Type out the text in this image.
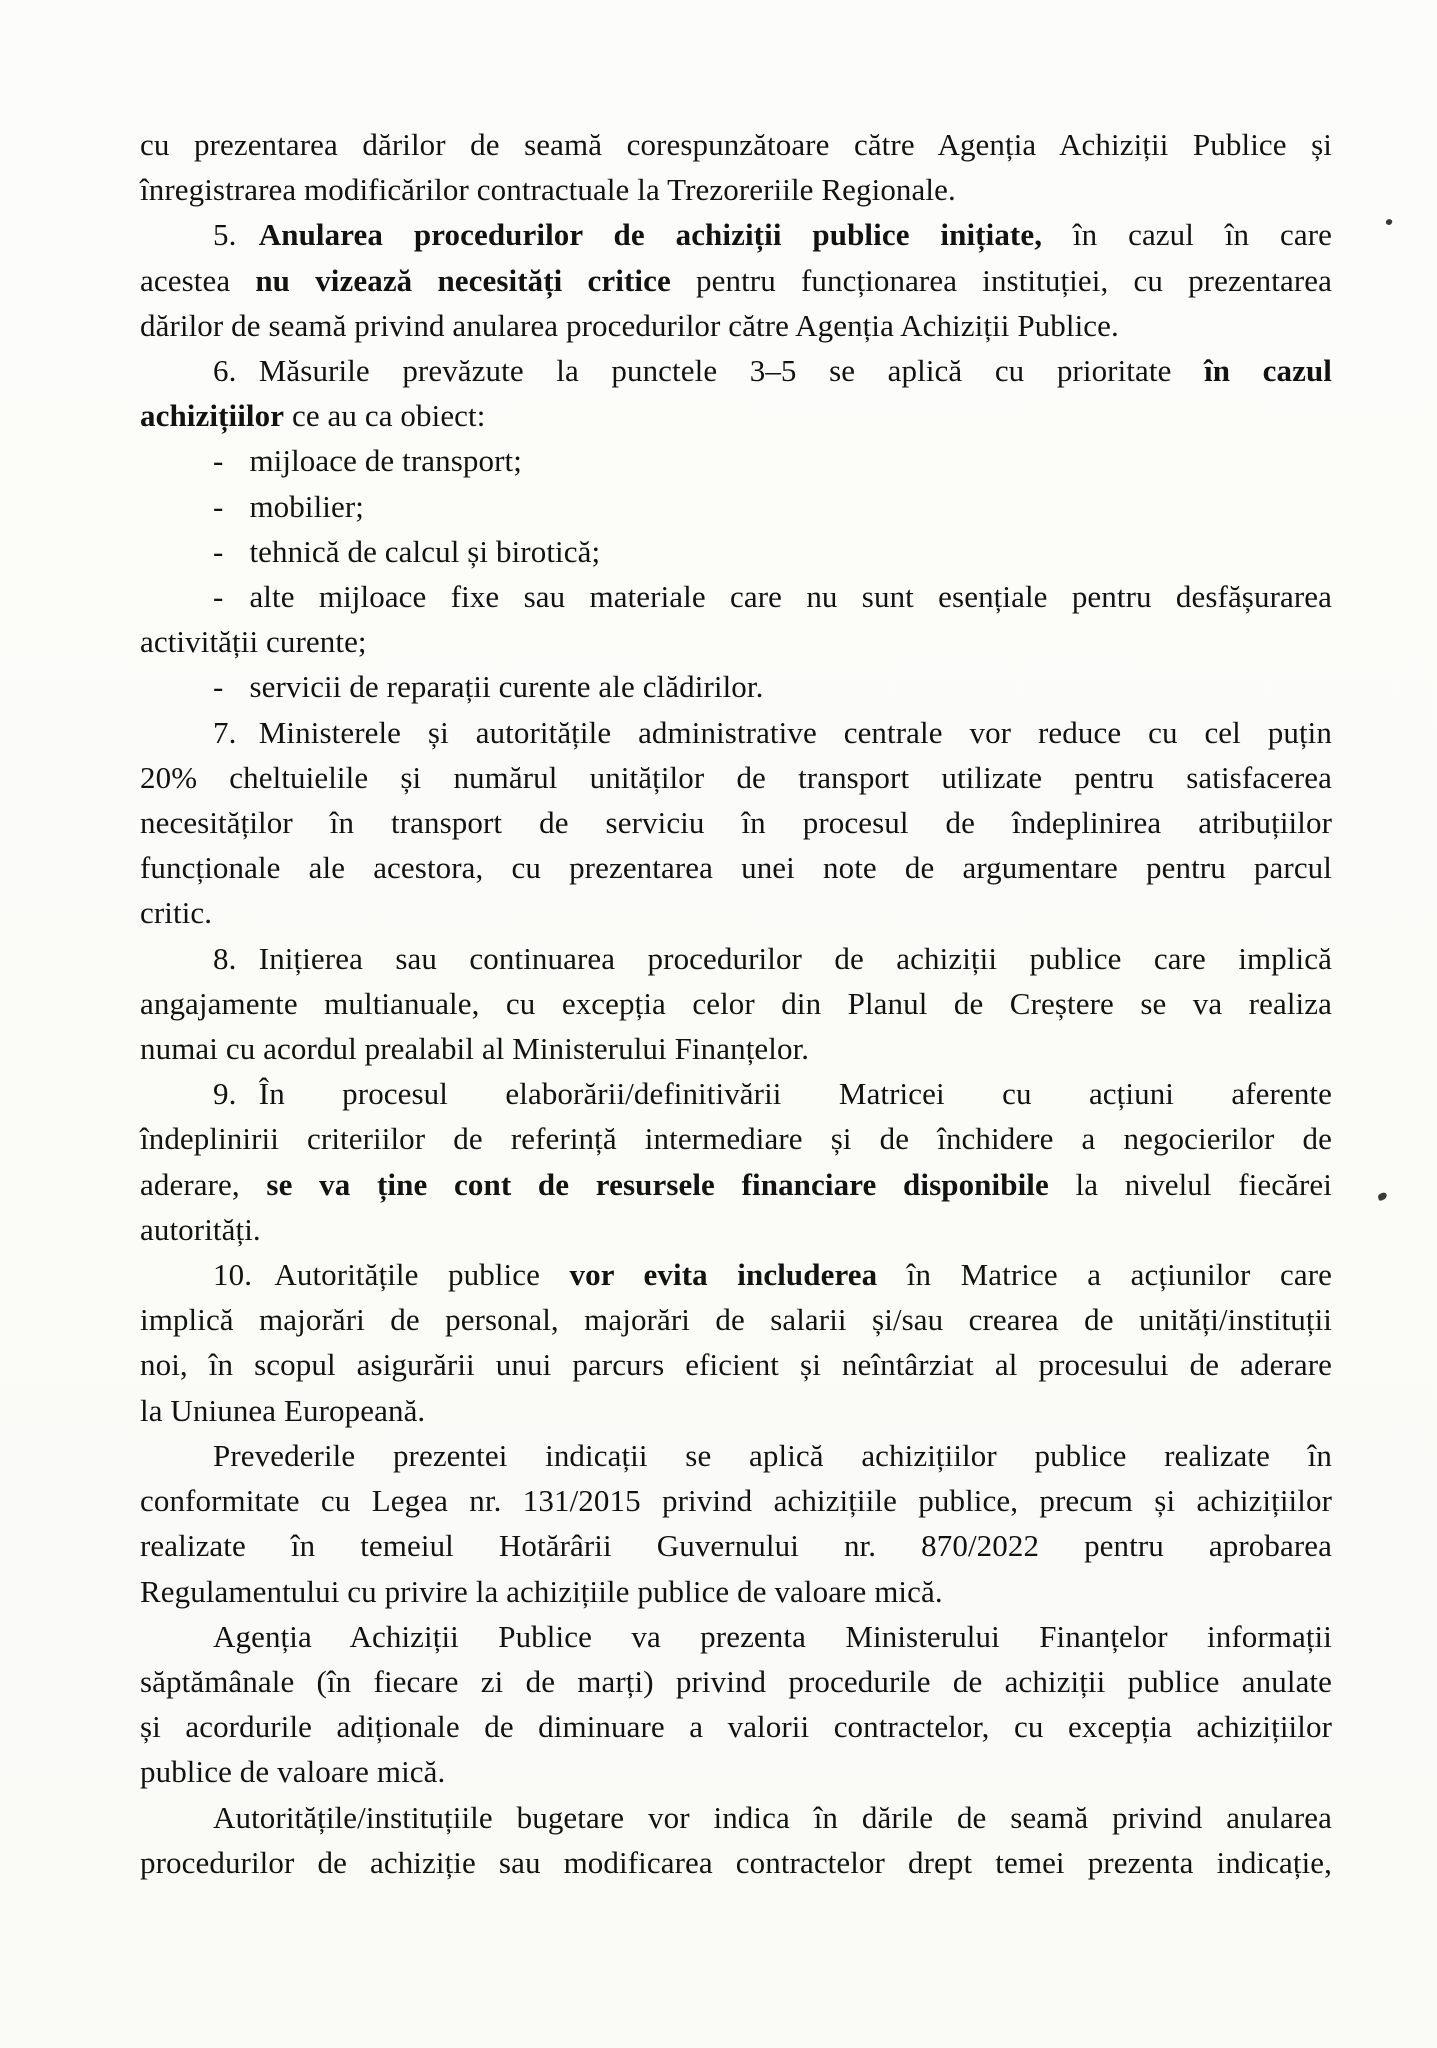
cu prezentarea dărilor de seamă corespunzătoare către Agenția Achiziții Publice și
înregistrarea modificărilor contractuale la Trezoreriile Regionale.
5. Anularea procedurilor de achiziții publice inițiate, în cazul în care
acestea nu vizează necesități critice pentru funcționarea instituției, cu prezentarea
dărilor de seamă privind anularea procedurilor către Agenția Achiziții Publice.
6. Măsurile prevăzute la punctele 3–5 se aplică cu prioritate în cazul
achizițiilor ce au ca obiect:
- mijloace de transport;
- mobilier;
- tehnică de calcul și birotică;
- alte mijloace fixe sau materiale care nu sunt esențiale pentru desfășurarea
activității curente;
- servicii de reparații curente ale clădirilor.
7. Ministerele și autoritățile administrative centrale vor reduce cu cel puțin
20% cheltuielile și numărul unităților de transport utilizate pentru satisfacerea
necesităților în transport de serviciu în procesul de îndeplinirea atribuțiilor
funcționale ale acestora, cu prezentarea unei note de argumentare pentru parcul
critic.
8. Inițierea sau continuarea procedurilor de achiziții publice care implică
angajamente multianuale, cu excepția celor din Planul de Creștere se va realiza
numai cu acordul prealabil al Ministerului Finanțelor.
9. În procesul elaborării/definitivării Matricei cu acțiuni aferente
îndeplinirii criteriilor de referință intermediare și de închidere a negocierilor de
aderare, se va ține cont de resursele financiare disponibile la nivelul fiecărei
autorități.
10. Autoritățile publice vor evita includerea în Matrice a acțiunilor care
implică majorări de personal, majorări de salarii și/sau crearea de unități/instituții
noi, în scopul asigurării unui parcurs eficient și neîntârziat al procesului de aderare
la Uniunea Europeană.
Prevederile prezentei indicații se aplică achizițiilor publice realizate în
conformitate cu Legea nr. 131/2015 privind achizițiile publice, precum și achizițiilor
realizate în temeiul Hotărârii Guvernului nr. 870/2022 pentru aprobarea
Regulamentului cu privire la achizițiile publice de valoare mică.
Agenția Achiziții Publice va prezenta Ministerului Finanțelor informații
săptămânale (în fiecare zi de marți) privind procedurile de achiziții publice anulate
și acordurile adiționale de diminuare a valorii contractelor, cu excepția achizițiilor
publice de valoare mică.
Autoritățile/instituțiile bugetare vor indica în dările de seamă privind anularea
procedurilor de achiziție sau modificarea contractelor drept temei prezenta indicație,
